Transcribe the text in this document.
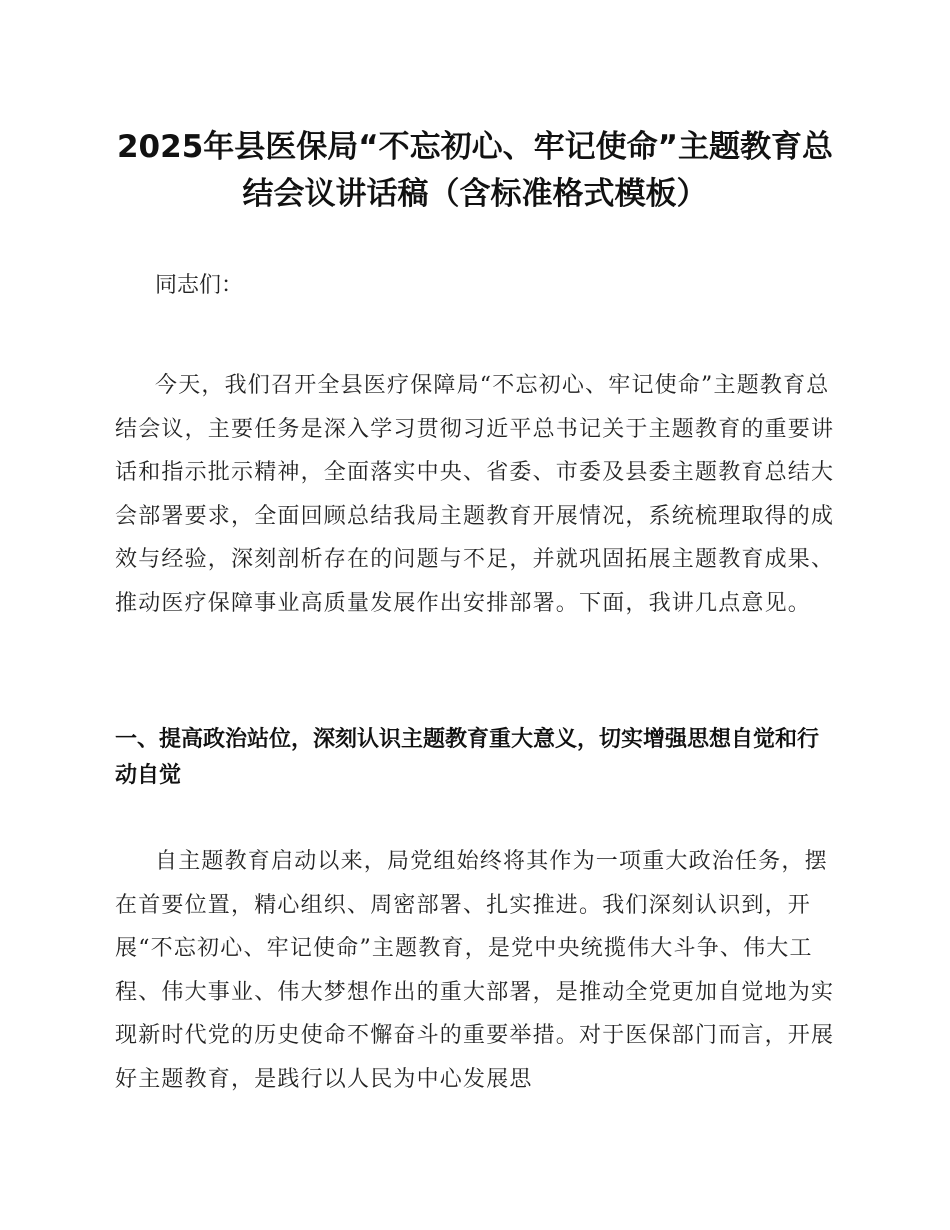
2025年县医保局“不忘初心、牢记使命”主题教育总结会议讲话稿（含标准格式模板）

同志们：

今天，我们召开全县医疗保障局“不忘初心、牢记使命”主题教育总结会议，主要任务是深入学习贯彻习近平总书记关于主题教育的重要讲话和指示批示精神，全面落实中央、省委、市委及县委主题教育总结大会部署要求，全面回顾总结我局主题教育开展情况，系统梳理取得的成效与经验，深刻剖析存在的问题与不足，并就巩固拓展主题教育成果、推动医疗保障事业高质量发展作出安排部署。下面，我讲几点意见。

一、提高政治站位，深刻认识主题教育重大意义，切实增强思想自觉和行动自觉

自主题教育启动以来，局党组始终将其作为一项重大政治任务，摆在首要位置，精心组织、周密部署、扎实推进。我们深刻认识到，开展“不忘初心、牢记使命”主题教育，是党中央统揽伟大斗争、伟大工程、伟大事业、伟大梦想作出的重大部署，是推动全党更加自觉地为实现新时代党的历史使命不懈奋斗的重要举措。对于医保部门而言，开展好主题教育，是践行以人民为中心发展思
